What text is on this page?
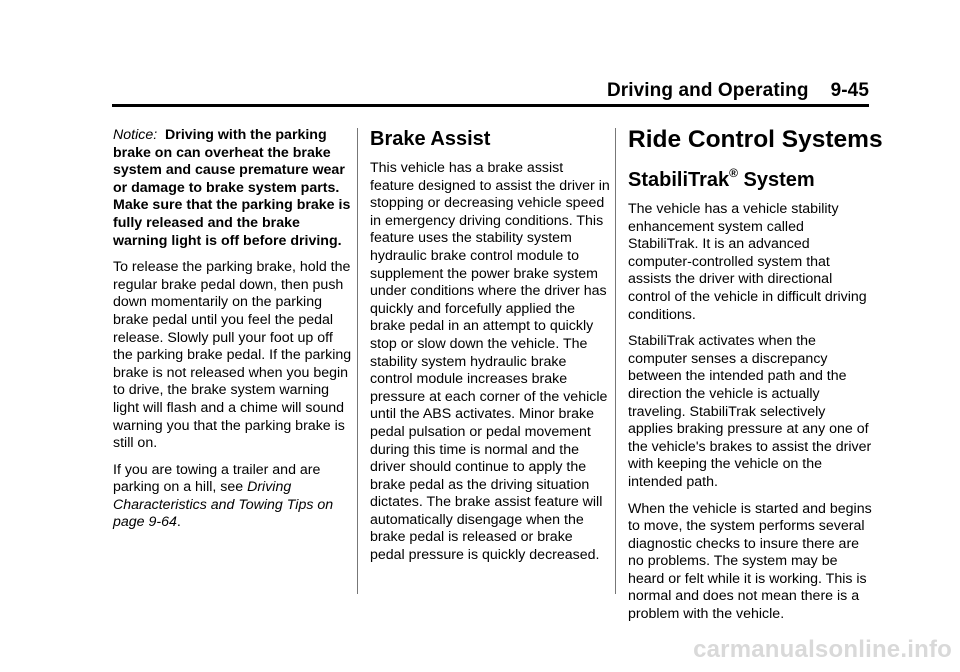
Driving and Operating 9-45

Notice: Driving with the parking brake on can overheat the brake system and cause premature wear or damage to brake system parts. Make sure that the parking brake is fully released and the brake warning light is off before driving.

To release the parking brake, hold the regular brake pedal down, then push down momentarily on the parking brake pedal until you feel the pedal release. Slowly pull your foot up off the parking brake pedal. If the parking brake is not released when you begin to drive, the brake system warning light will flash and a chime will sound warning you that the parking brake is still on.

If you are towing a trailer and are parking on a hill, see Driving Characteristics and Towing Tips on page 9-64.

Brake Assist

This vehicle has a brake assist feature designed to assist the driver in stopping or decreasing vehicle speed in emergency driving conditions. This feature uses the stability system hydraulic brake control module to supplement the power brake system under conditions where the driver has quickly and forcefully applied the brake pedal in an attempt to quickly stop or slow down the vehicle. The stability system hydraulic brake control module increases brake pressure at each corner of the vehicle until the ABS activates. Minor brake pedal pulsation or pedal movement during this time is normal and the driver should continue to apply the brake pedal as the driving situation dictates. The brake assist feature will automatically disengage when the brake pedal is released or brake pedal pressure is quickly decreased.

Ride Control Systems
StabiliTrak® System

The vehicle has a vehicle stability enhancement system called StabiliTrak. It is an advanced computer-controlled system that assists the driver with directional control of the vehicle in difficult driving conditions.

StabiliTrak activates when the computer senses a discrepancy between the intended path and the direction the vehicle is actually traveling. StabiliTrak selectively applies braking pressure at any one of the vehicle's brakes to assist the driver with keeping the vehicle on the intended path.

When the vehicle is started and begins to move, the system performs several diagnostic checks to insure there are no problems. The system may be heard or felt while it is working. This is normal and does not mean there is a problem with the vehicle.

carmanualsonline.info
